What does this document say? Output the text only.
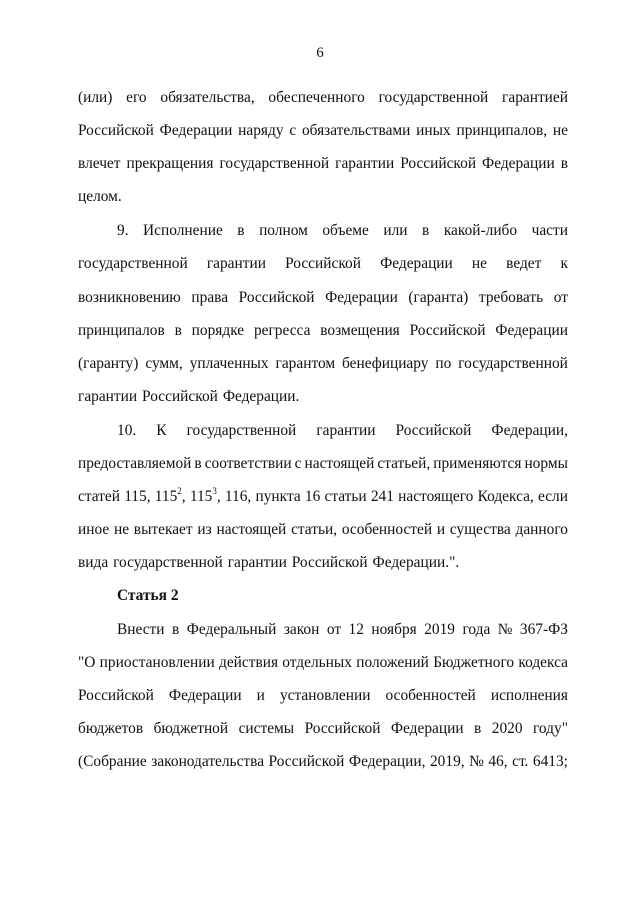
6
(или) его обязательства, обеспеченного государственной гарантией
Российской Федерации наряду с обязательствами иных принципалов, не
влечет прекращения государственной гарантии Российской Федерации в
целом.
9. Исполнение в полном объеме или в какой-либо части
государственной гарантии Российской Федерации не ведет к
возникновению права Российской Федерации (гаранта) требовать от
принципалов в порядке регресса возмещения Российской Федерации
(гаранту) сумм, уплаченных гарантом бенефициару по государственной
гарантии Российской Федерации.
10. К государственной гарантии Российской Федерации,
предоставляемой в соответствии с настоящей статьей, применяются нормы
статей 115, $115^2$, $115^3$, 116, пункта 16 статьи 241 настоящего Кодекса, если
иное не вытекает из настоящей статьи, особенностей и существа данного
вида государственной гарантии Российской Федерации.".
Статья 2
Внести в Федеральный закон от 12 ноября 2019 года № 367-ФЗ
"О приостановлении действия отдельных положений Бюджетного кодекса
Российской Федерации и установлении особенностей исполнения
бюджетов бюджетной системы Российской Федерации в 2020 году"
(Собрание законодательства Российской Федерации, 2019, № 46, ст. 6413;
